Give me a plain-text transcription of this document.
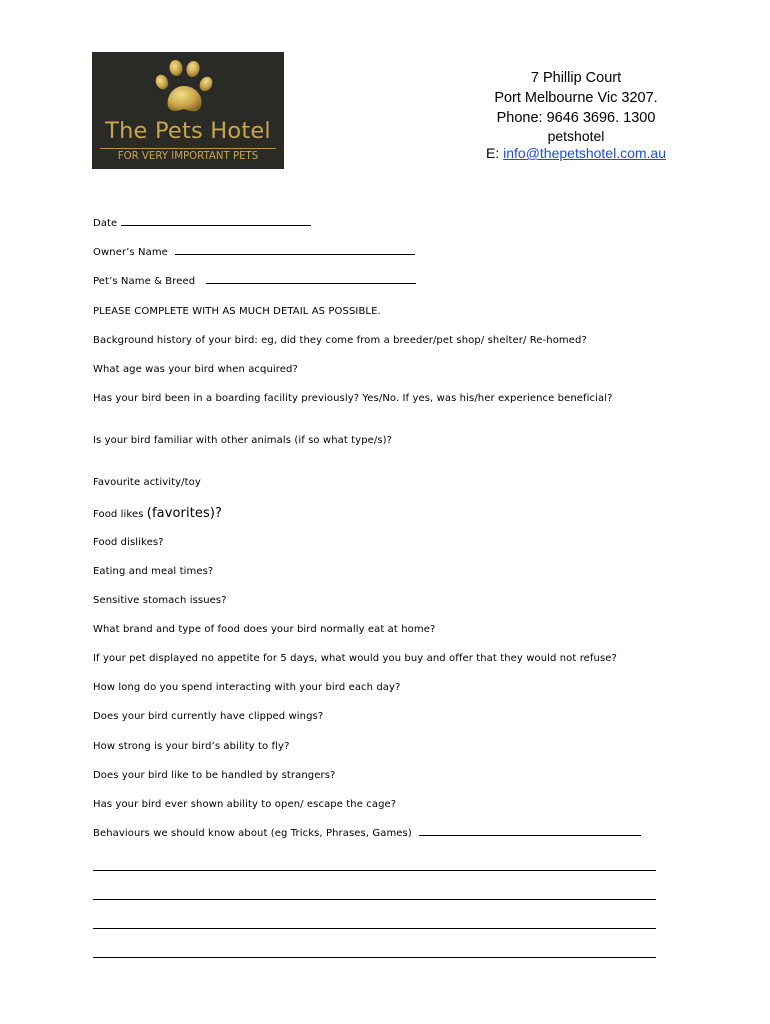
The Pets Hotel
FOR VERY IMPORTANT PETS
7 Phillip Court
Port Melbourne Vic 3207.
Phone: 9646 3696. 1300
petshotel
E: info@thepetshotel.com.au
Date
Owner’s Name
Pet’s Name & Breed
PLEASE COMPLETE WITH AS MUCH DETAIL AS POSSIBLE.
Background history of your bird: eg, did they come from a breeder/pet shop/ shelter/ Re-homed?
What age was your bird when acquired?
Has your bird been in a boarding facility previously? Yes/No. If yes, was his/her experience beneficial?
Is your bird familiar with other animals (if so what type/s)?
Favourite activity/toy
Food likes (favorites)?
Food dislikes?
Eating and meal times?
Sensitive stomach issues?
What brand and type of food does your bird normally eat at home?
If your pet displayed no appetite for 5 days, what would you buy and offer that they would not refuse?
How long do you spend interacting with your bird each day?
Does your bird currently have clipped wings?
How strong is your bird’s ability to fly?
Does your bird like to be handled by strangers?
Has your bird ever shown ability to open/ escape the cage?
Behaviours we should know about (eg Tricks, Phrases, Games)
